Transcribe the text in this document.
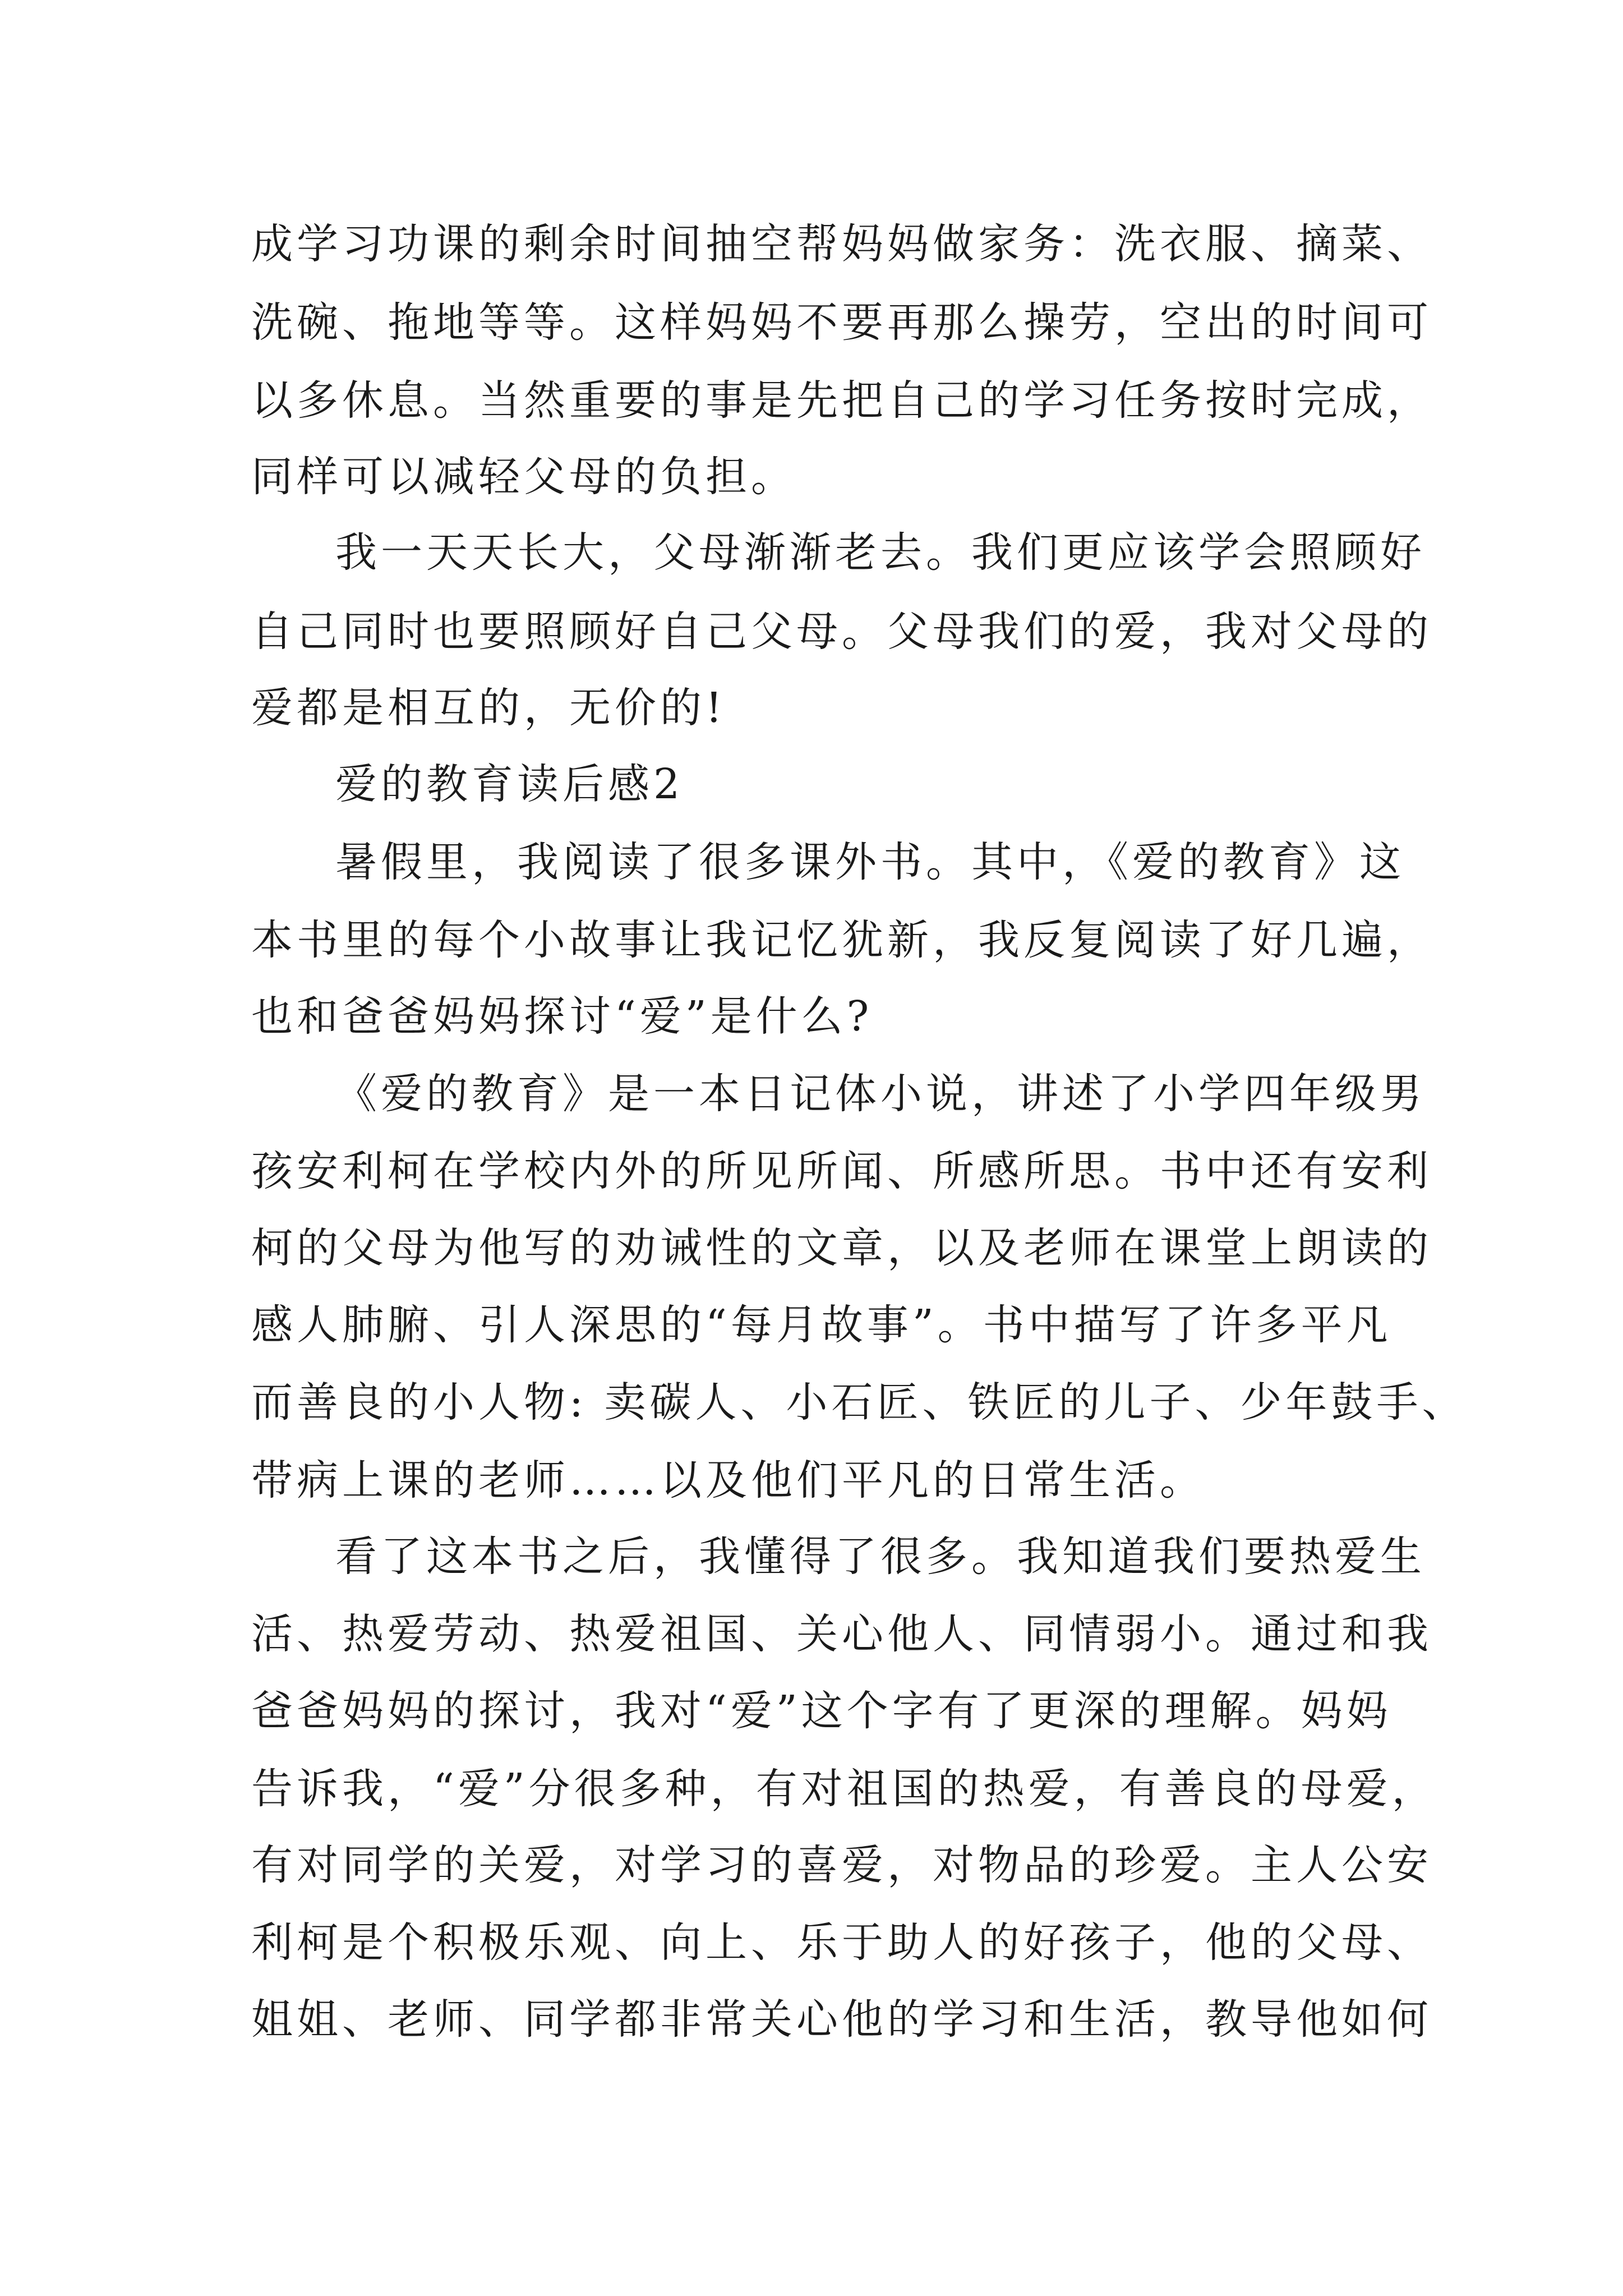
成学习功课的剩余时间抽空帮妈妈做家务：洗衣服、摘菜、

洗碗、拖地等等。这样妈妈不要再那么操劳，空出的时间可

以多休息。当然重要的事是先把自己的学习任务按时完成，

同样可以减轻父母的负担。

我一天天长大，父母渐渐老去。我们更应该学会照顾好

自己同时也要照顾好自己父母。父母我们的爱，我对父母的

爱都是相互的，无价的!

爱的教育读后感2

暑假里，我阅读了很多课外书。其中，《爱的教育》这

本书里的每个小故事让我记忆犹新，我反复阅读了好几遍，

也和爸爸妈妈探讨“爱”是什么?

《爱的教育》是一本日记体小说，讲述了小学四年级男

孩安利柯在学校内外的所见所闻、所感所思。书中还有安利

柯的父母为他写的劝诫性的文章，以及老师在课堂上朗读的

感人肺腑、引人深思的“每月故事”。书中描写了许多平凡

而善良的小人物: 卖碳人、小石匠、铁匠的儿子、少年鼓手、

带病上课的老师……以及他们平凡的日常生活。

看了这本书之后，我懂得了很多。我知道我们要热爱生

活、热爱劳动、热爱祖国、关心他人、同情弱小。通过和我

爸爸妈妈的探讨，我对“爱”这个字有了更深的理解。妈妈

告诉我，“爱”分很多种，有对祖国的热爱，有善良的母爱，

有对同学的关爱，对学习的喜爱，对物品的珍爱。主人公安

利柯是个积极乐观、向上、乐于助人的好孩子，他的父母、

姐姐、老师、同学都非常关心他的学习和生活，教导他如何
